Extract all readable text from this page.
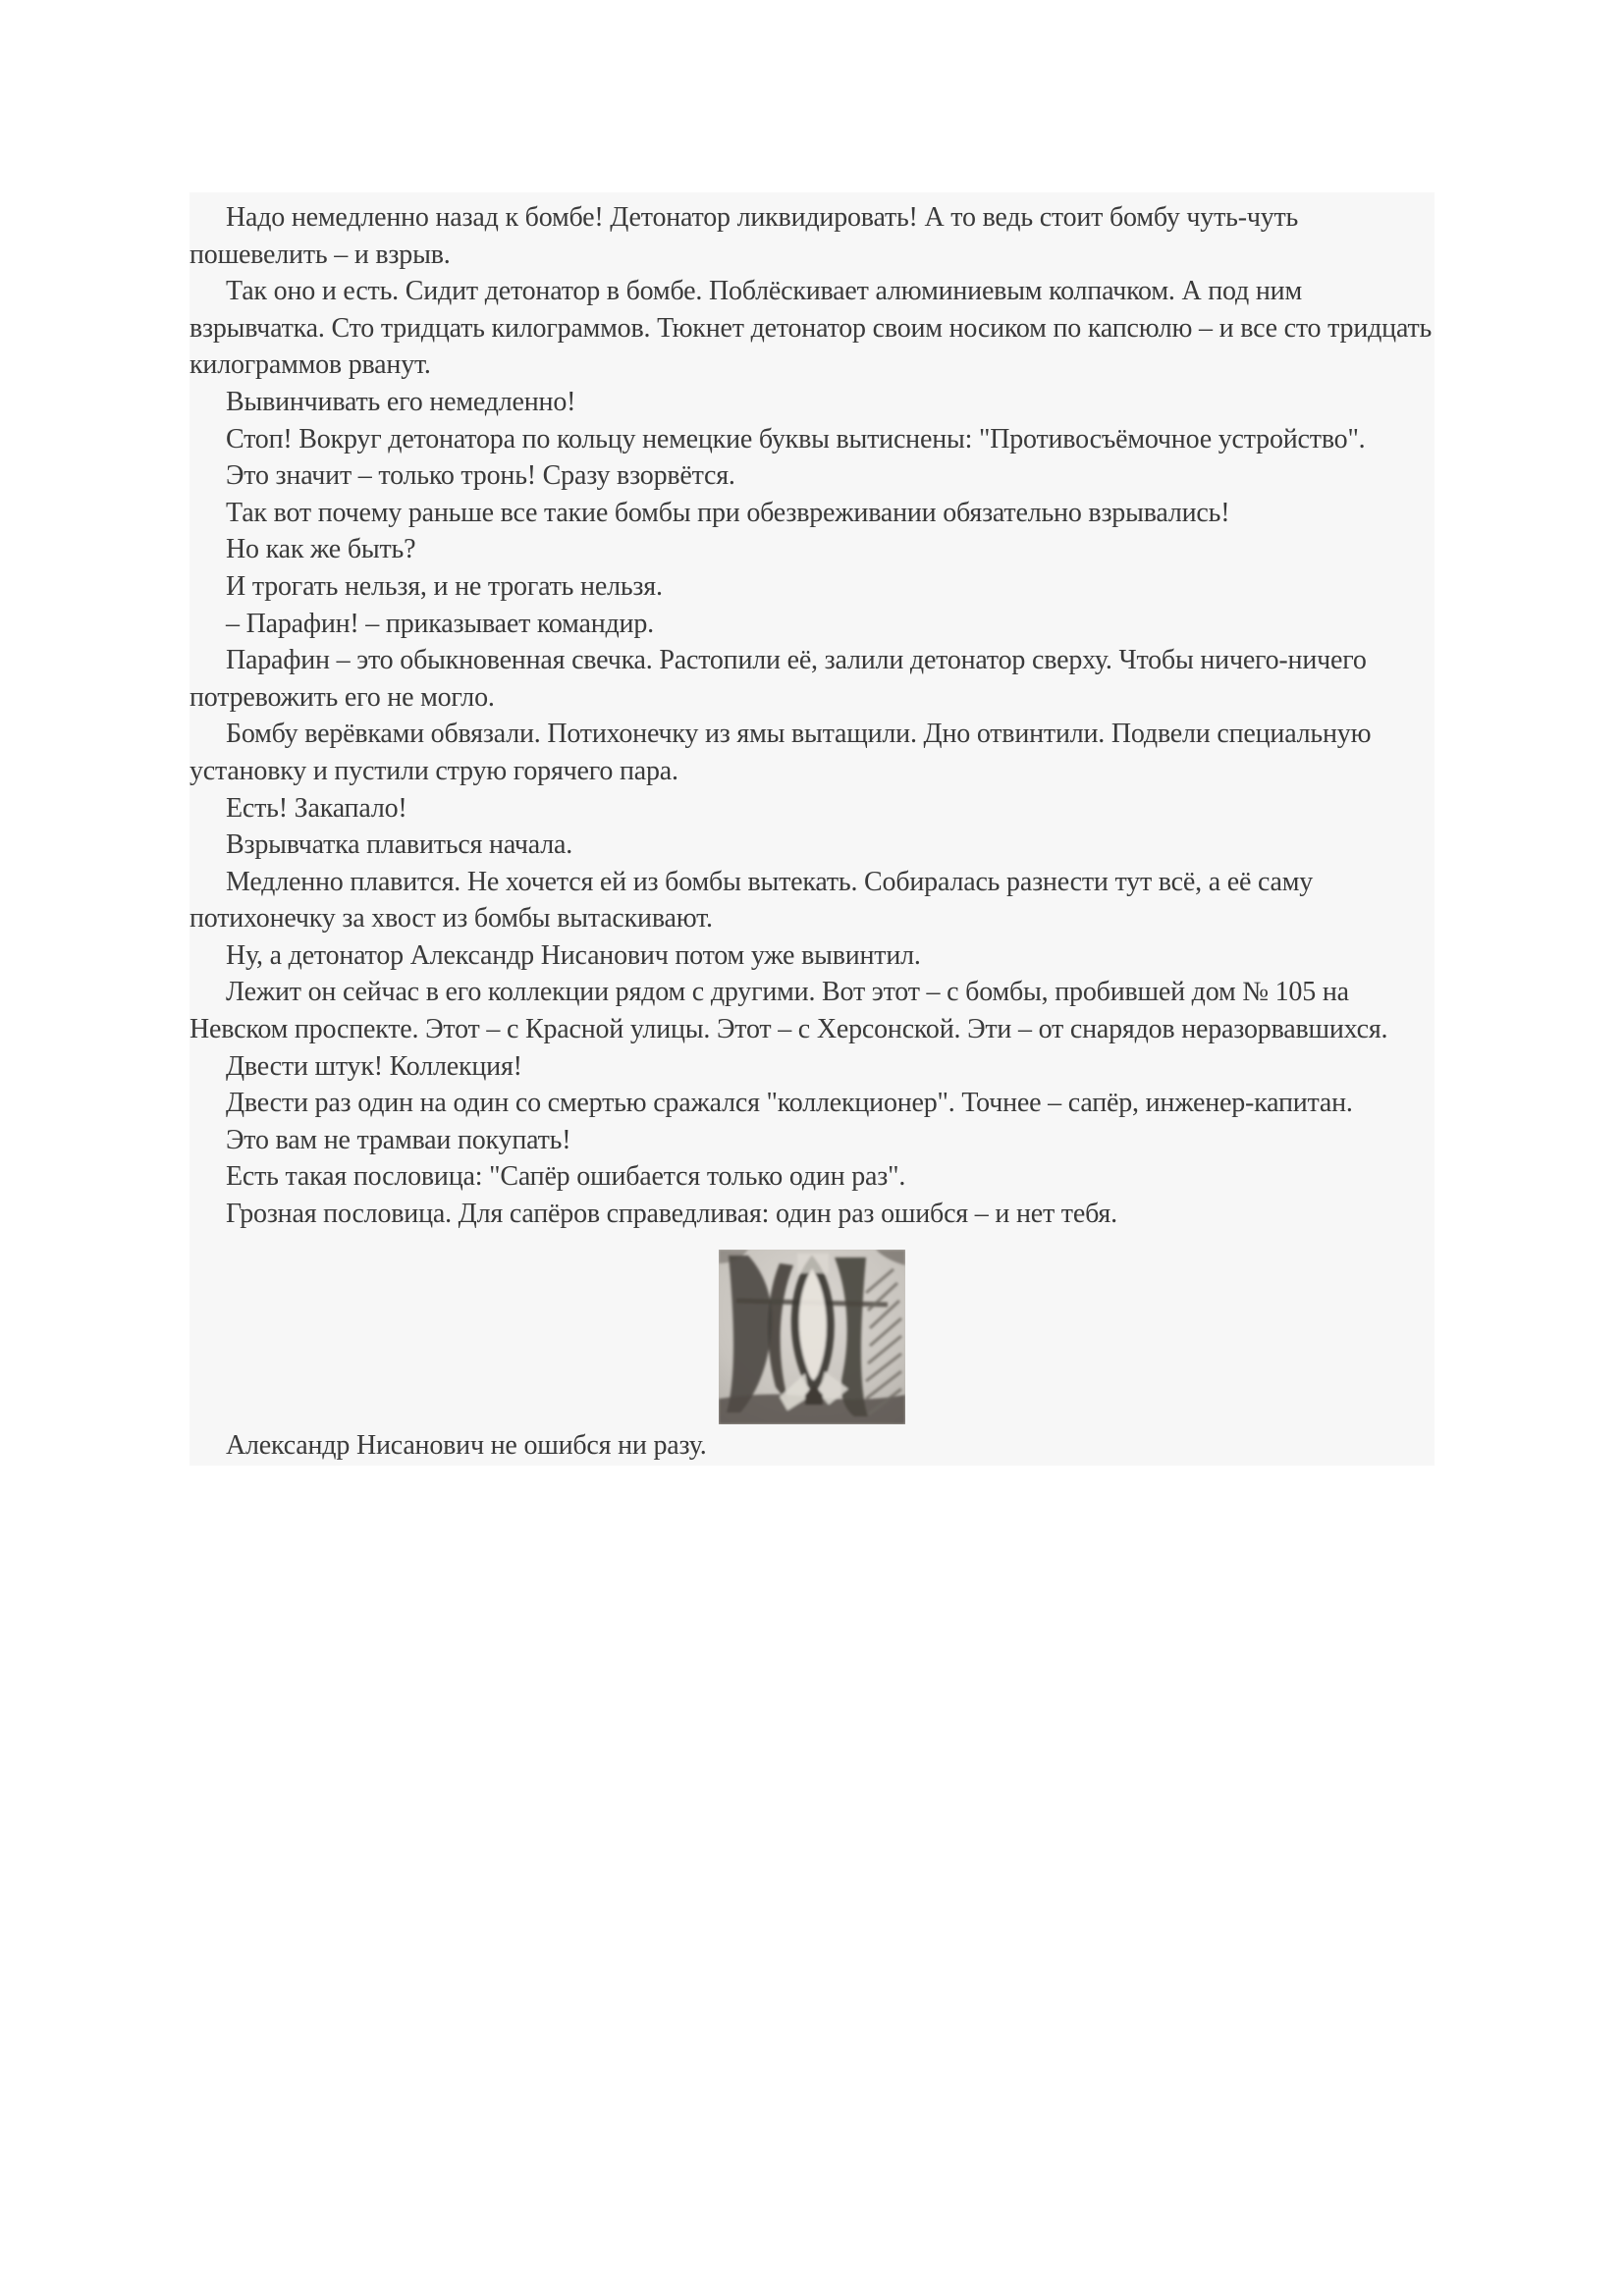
Надо немедленно назад к бомбе! Детонатор ликвидировать! А то ведь стоит бомбу чуть-чуть пошевелить – и взрыв.

Так оно и есть. Сидит детонатор в бомбе. Поблёскивает алюминиевым колпачком. А под ним взрывчатка. Сто тридцать килограммов. Тюкнет детонатор своим носиком по капсюлю – и все сто тридцать килограммов рванут.

Вывинчивать его немедленно!

Стоп! Вокруг детонатора по кольцу немецкие буквы вытиснены: "Противосъёмочное устройство".

Это значит – только тронь! Сразу взорвётся.

Так вот почему раньше все такие бомбы при обезвреживании обязательно взрывались!

Но как же быть?

И трогать нельзя, и не трогать нельзя.

– Парафин! – приказывает командир.

Парафин – это обыкновенная свечка. Растопили её, залили детонатор сверху. Чтобы ничего-ничего потревожить его не могло.

Бомбу верёвками обвязали. Потихонечку из ямы вытащили. Дно отвинтили. Подвели специальную установку и пустили струю горячего пара.

Есть! Закапало!

Взрывчатка плавиться начала.

Медленно плавится. Не хочется ей из бомбы вытекать. Собиралась разнести тут всё, а её саму потихонечку за хвост из бомбы вытаскивают.

Ну, а детонатор Александр Нисанович потом уже вывинтил.

Лежит он сейчас в его коллекции рядом с другими. Вот этот – с бомбы, пробившей дом № 105 на Невском проспекте. Этот – с Красной улицы. Этот – с Херсонской. Эти – от снарядов неразорвавшихся.

Двести штук! Коллекция!

Двести раз один на один со смертью сражался "коллекционер". Точнее – сапёр, инженер-капитан.

Это вам не трамваи покупать!

Есть такая пословица: "Сапёр ошибается только один раз".

Грозная пословица. Для сапёров справедливая: один раз ошибся – и нет тебя.

Александр Нисанович не ошибся ни разу.
